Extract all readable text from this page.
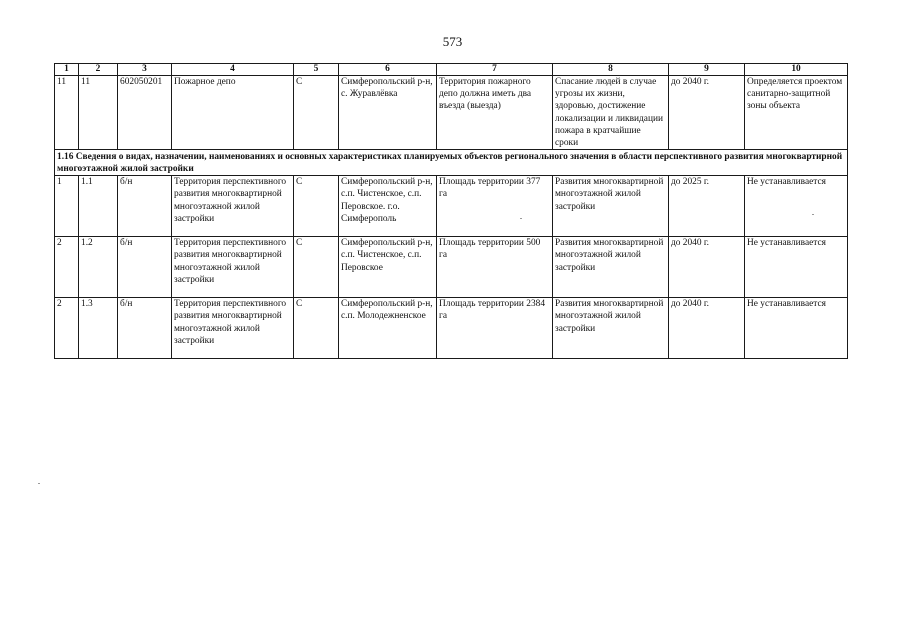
573
1	2	3	4	5	6	7	8	9	10
11	11	602050201	Пожарное депо	С	Симферопольский р-н, с. Журавлёвка	Территория пожарного депо должна иметь два въезда (выезда)	Спасание людей в случае угрозы их жизни, здоровью, достижение локализации и ликвидации пожара в кратчайшие сроки	до 2040 г.	Определяется проектом санитарно-защитной зоны объекта
1.16 Сведения о видах, назначении, наименованиях и основных характеристиках планируемых объектов регионального значения в области перспективного развития многоквартирной многоэтажной жилой застройки									
1	1.1	б/н	Территория перспективного развития многоквартирной многоэтажной жилой застройки	С	Симферопольский р-н, с.п. Чистенское, с.п. Перовское. г.о. Симферополь	Площадь территории 377 га	Развития многоквартирной многоэтажной жилой застройки	до 2025 г.	Не устанавливается
2	1.2	б/н	Территория перспективного развития многоквартирной многоэтажной жилой застройки	С	Симферопольский р-н, с.п. Чистенское, с.п. Перовское	Площадь территории 500 га	Развития многоквартирной многоэтажной жилой застройки	до 2040 г.	Не устанавливается
2	1.3	б/н	Территория перспективного развития многоквартирной многоэтажной жилой застройки	С	Симферопольский р-н, с.п. Молодежненское	Площадь территории 2384 га	Развития многоквартирной многоэтажной жилой застройки	до 2040 г.	Не устанавливается
